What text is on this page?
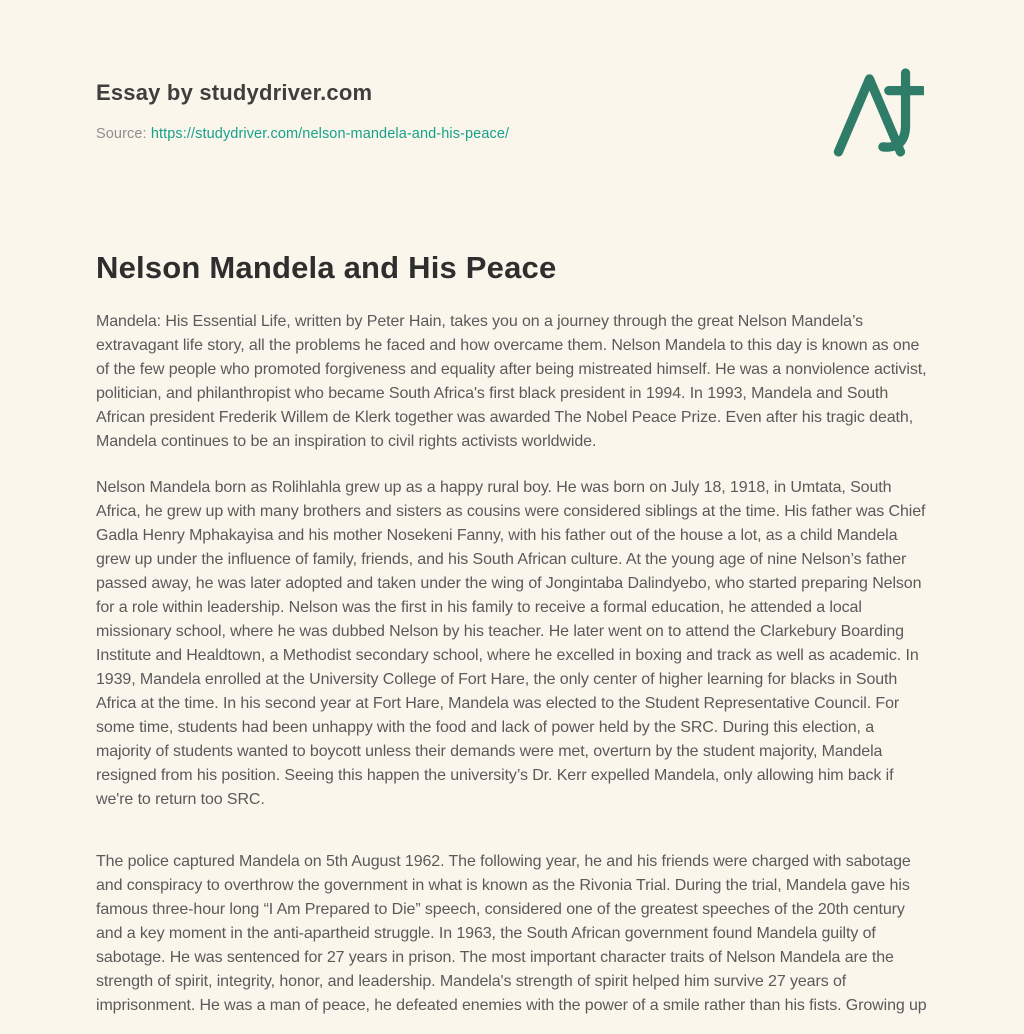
Essay by studydriver.com
Source: https://studydriver.com/nelson-mandela-and-his-peace/
Nelson Mandela and His Peace

Mandela: His Essential Life, written by Peter Hain, takes you on a journey through the great Nelson Mandela’s extravagant life story, all the problems he faced and how overcame them. Nelson Mandela to this day is known as one of the few people who promoted forgiveness and equality after being mistreated himself. He was a nonviolence activist, politician, and philanthropist who became South Africa's first black president in 1994. In 1993, Mandela and South African president Frederik Willem de Klerk together was awarded The Nobel Peace Prize. Even after his tragic death, Mandela continues to be an inspiration to civil rights activists worldwide.

Nelson Mandela born as Rolihlahla grew up as a happy rural boy. He was born on July 18, 1918, in Umtata, South Africa, he grew up with many brothers and sisters as cousins were considered siblings at the time. His father was Chief Gadla Henry Mphakayisa and his mother Nosekeni Fanny, with his father out of the house a lot, as a child Mandela grew up under the influence of family, friends, and his South African culture. At the young age of nine Nelson’s father passed away, he was later adopted and taken under the wing of Jongintaba Dalindyebo, who started preparing Nelson for a role within leadership. Nelson was the first in his family to receive a formal education, he attended a local missionary school, where he was dubbed Nelson by his teacher. He later went on to attend the Clarkebury Boarding Institute and Healdtown, a Methodist secondary school, where he excelled in boxing and track as well as academic. In 1939, Mandela enrolled at the University College of Fort Hare, the only center of higher learning for blacks in South Africa at the time. In his second year at Fort Hare, Mandela was elected to the Student Representative Council. For some time, students had been unhappy with the food and lack of power held by the SRC. During this election, a majority of students wanted to boycott unless their demands were met, overturn by the student majority, Mandela resigned from his position. Seeing this happen the university’s Dr. Kerr expelled Mandela, only allowing him back if we're to return too SRC.

The police captured Mandela on 5th August 1962. The following year, he and his friends were charged with sabotage and conspiracy to overthrow the government in what is known as the Rivonia Trial. During the trial, Mandela gave his famous three-hour long “I Am Prepared to Die” speech, considered one of the greatest speeches of the 20th century and a key moment in the anti-apartheid struggle. In 1963, the South African government found Mandela guilty of sabotage. He was sentenced for 27 years in prison. The most important character traits of Nelson Mandela are the strength of spirit, integrity, honor, and leadership. Mandela's strength of spirit helped him survive 27 years of imprisonment. He was a man of peace, he defeated enemies with the power of a smile rather than his fists. Growing up
